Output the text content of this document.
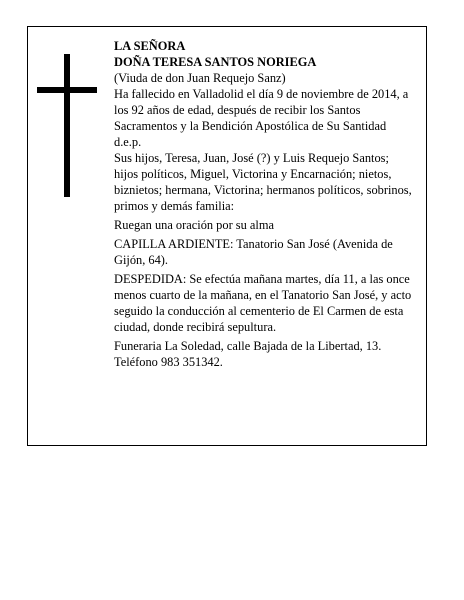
LA SEÑORA

DOÑA TERESA SANTOS NORIEGA

(Viuda de don Juan Requejo Sanz)

Ha fallecido en Valladolid el día 9 de noviembre de 2014, a los 92 años de edad, después de recibir los Santos Sacramentos y la Bendición Apostólica de Su Santidad

d.e.p.

Sus hijos, Teresa, Juan, José (?) y Luis Requejo Santos; hijos políticos, Miguel, Victorina y Encarnación; nietos, biznietos; hermana, Victorina; hermanos políticos, sobrinos, primos y demás familia:

Ruegan una oración por su alma

CAPILLA ARDIENTE: Tanatorio San José (Avenida de Gijón, 64).

DESPEDIDA: Se efectúa mañana martes, día 11, a las once menos cuarto de la mañana, en el Tanatorio San José, y acto seguido la conducción al cementerio de El Carmen de esta ciudad, donde recibirá sepultura.

Funeraria La Soledad, calle Bajada de la Libertad, 13. Teléfono 983 351342.
